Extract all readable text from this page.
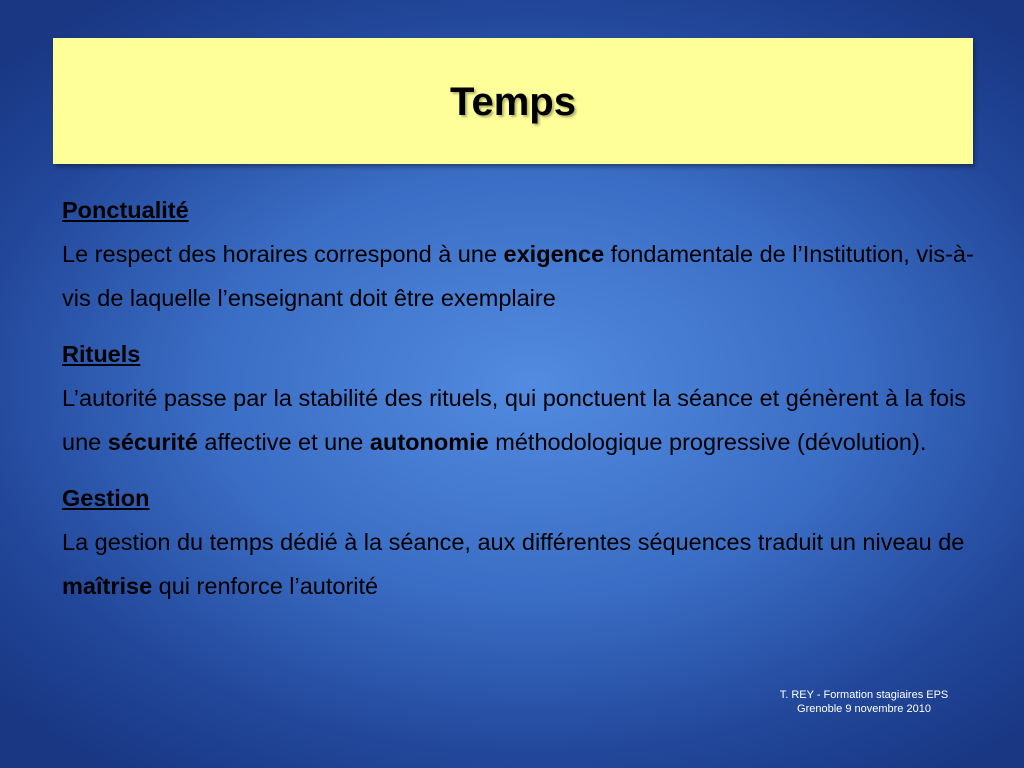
Temps
Ponctualité
Le respect des horaires correspond à une exigence fondamentale de l’Institution, vis-à-vis de laquelle l’enseignant doit être exemplaire
Rituels
L’autorité passe par la stabilité des rituels, qui ponctuent la séance et génèrent à la fois une sécurité affective et une autonomie méthodologique progressive (dévolution).
Gestion
La gestion du temps dédié à la séance, aux différentes séquences traduit un niveau de maîtrise qui renforce l’autorité
T. REY - Formation stagiaires EPS
Grenoble 9 novembre 2010
